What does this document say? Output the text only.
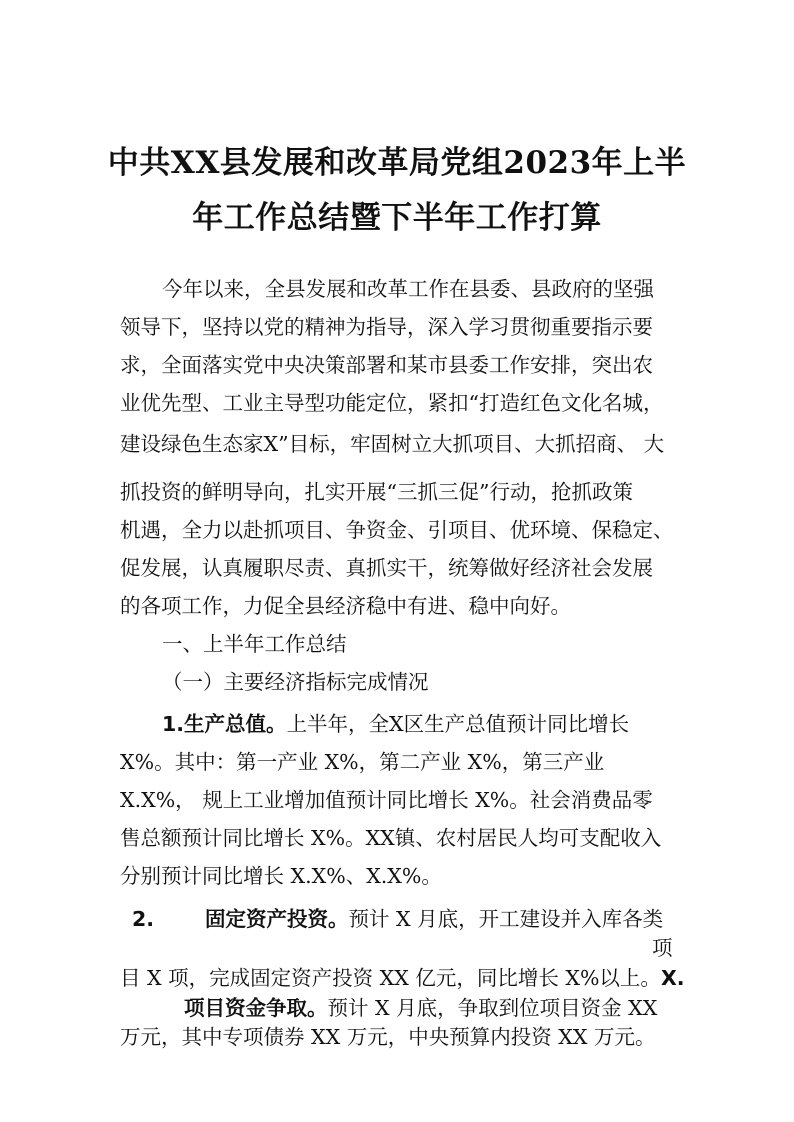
中共XX县发展和改革局党组2023年上半
年工作总结暨下半年工作打算
今年以来，全县发展和改革工作在县委、县政府的坚强
领导下，坚持以党的精神为指导，深入学习贯彻重要指示要
求，全面落实党中央决策部署和某市县委工作安排，突出农
业优先型、工业主导型功能定位，紧扣“打造红色文化名城，
建设绿色生态家X”目标，牢固树立大抓项目、大抓招商、 大
抓投资的鲜明导向，扎实开展“三抓三促”行动，抢抓政策
机遇，全力以赴抓项目、争资金、引项目、优环境、保稳定、
促发展，认真履职尽责、真抓实干，统筹做好经济社会发展
的各项工作，力促全县经济稳中有进、稳中向好。
一、上半年工作总结
（一）主要经济指标完成情况
1.生产总值。上半年，全X区生产总值预计同比增长
X%。其中：第一产业 X%，第二产业 X%，第三产业
X.X%， 规上工业增加值预计同比增长 X%。社会消费品零
售总额预计同比增长 X%。XX镇、农村居民人均可支配收入
分别预计同比增长 X.X%、X.X%。
2. 固定资产投资。预计 X 月底，开工建设并入库各类
项
目 X 项，完成固定资产投资 XX 亿元，同比增长 X%以上。X.
项目资金争取。预计 X 月底，争取到位项目资金 XX
万元，其中专项债券 XX 万元，中央预算内投资 XX 万元。
